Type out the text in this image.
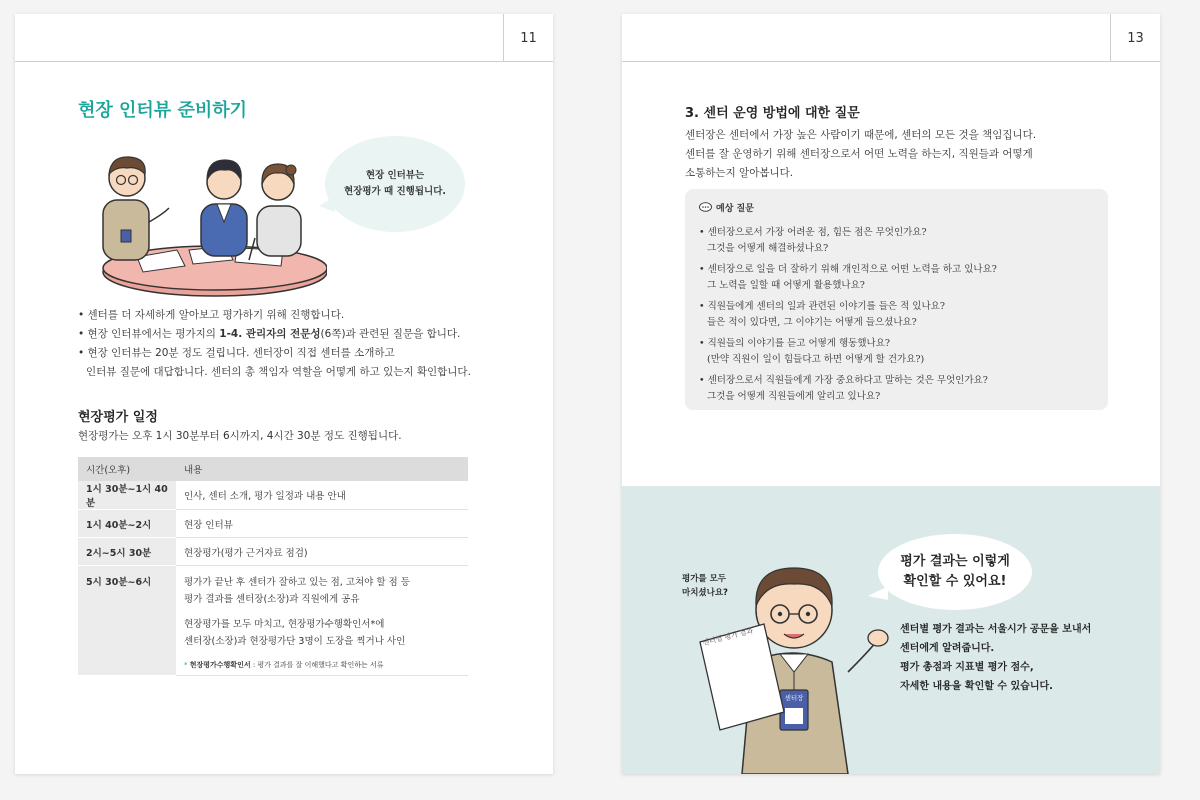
11
현장 인터뷰 준비하기
현장 인터뷰는
현장평가 때 진행됩니다.
• 센터를 더 자세하게 알아보고 평가하기 위해 진행합니다.
• 현장 인터뷰에서는 평가지의 1-4. 관리자의 전문성(6쪽)과 관련된 질문을 합니다.
• 현장 인터뷰는 20분 정도 걸립니다. 센터장이 직접 센터를 소개하고
인터뷰 질문에 대답합니다. 센터의 총 책임자 역할을 어떻게 하고 있는지 확인합니다.
현장평가 일정
현장평가는 오후 1시 30분부터 6시까지, 4시간 30분 정도 진행됩니다.
시간(오후)	내용
1시 30분~1시 40분	인사, 센터 소개, 평가 일정과 내용 안내
1시 40분~2시	현장 인터뷰
2시~5시 30분	현장평가(평가 근거자료 점검)
5시 30분~6시	평가가 끝난 후 센터가 잘하고 있는 점, 고쳐야 할 점 등
평가 결과를 센터장(소장)과 직원에게 공유
현장평가를 모두 마치고, 현장평가수행확인서*에
센터장(소장)과 현장평가단 3명이 도장을 찍거나 사인
* 현장평가수행확인서 : 평가 결과를 잘 이해했다고 확인하는 서류
13
3. 센터 운영 방법에 대한 질문
센터장은 센터에서 가장 높은 사람이기 때문에, 센터의 모든 것을 책임집니다.
센터를 잘 운영하기 위해 센터장으로서 어떤 노력을 하는지, 직원들과 어떻게
소통하는지 알아봅니다.
예상 질문
• 센터장으로서 가장 어려운 점, 힘든 점은 무엇인가요?
그것을 어떻게 해결하셨나요?
• 센터장으로 일을 더 잘하기 위해 개인적으로 어떤 노력을 하고 있나요?
그 노력을 일할 때 어떻게 활용했나요?
• 직원들에게 센터의 일과 관련된 이야기를 들은 적 있나요?
들은 적이 있다면, 그 이야기는 어떻게 들으셨나요?
• 직원들의 이야기를 듣고 어떻게 행동했나요?
(만약 직원이 일이 힘들다고 하면 어떻게 할 건가요?)
• 센터장으로서 직원들에게 가장 중요하다고 말하는 것은 무엇인가요?
그것을 어떻게 직원들에게 알리고 있나요?
평가 결과는 이렇게
확인할 수 있어요!
평가를 모두
마치셨나요?
센터별 평가 결과
센터장
센터별 평가 결과는 서울시가 공문을 보내서
센터에게 알려줍니다.
평가 총점과 지표별 평가 점수,
자세한 내용을 확인할 수 있습니다.
